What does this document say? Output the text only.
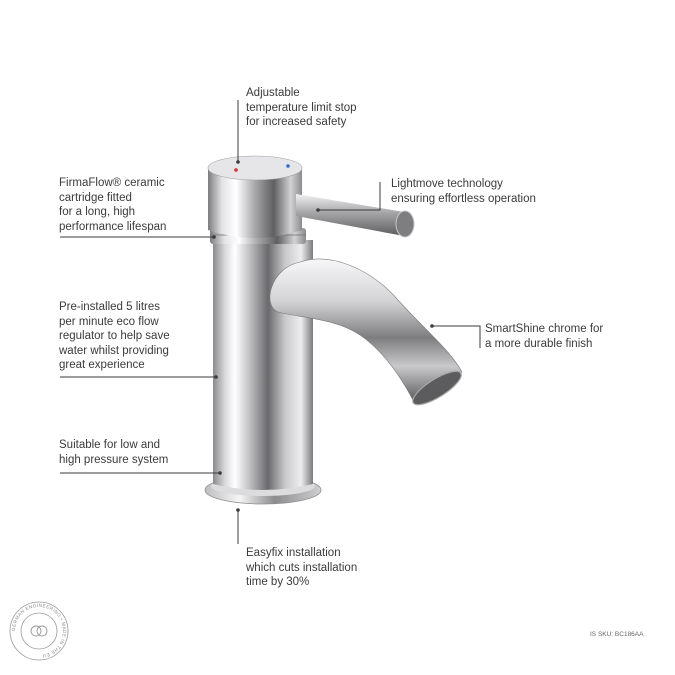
Adjustable
temperature limit stop
for increased safety
FirmaFlow® ceramic
cartridge fitted
for a long, high
performance lifespan
Lightmove technology
ensuring effortless operation
Pre-installed 5 litres
per minute eco flow
regulator to help save
water whilst providing
great experience
SmartShine chrome for
a more durable finish
Suitable for low and
high pressure system
Easyfix installation
which cuts installation
time by 30%
GERMAN ENGINEERING • MADE IN THE EU
IS SKU: BC186AA
